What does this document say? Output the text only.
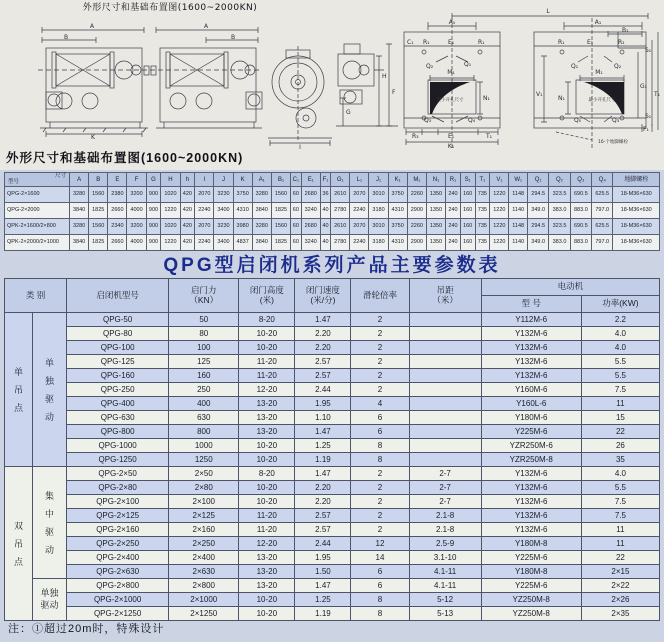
外形尺寸和基础布置图(1600~2000KN)
A
B
K
A
B
H
F
G
I
L
A₀
C₁ R₁	E₁	R₁
Q₂	Q₁
M₁
N₁
Q₃	Q₄
R₃	E₁	T₁
K₁
A₁
B₁
R₁	E₁	R₂
S₁
Q₁	Q₂
M₁
N₁
Q₀	Q₃
G₁
T₁
V₁
F₁
S₁
最小开孔尺寸	最小开孔尺寸
16-个地脚螺栓
外形尺寸和基础布置图(1600~2000KN)
尺寸
型号	A	B	E	F	G	H	h	I	J	K	A₁	B₁	C₁	E₁	F₁	G₁	L₁	J₁	K₁	M₁	N₁	R₁	S₁	T₁	V₁	W₁	Q₁	Q₂	Q₃	Q₄	地脚螺栓
QPG-2×1600	3280	1560	2380	3200	900	1020	420	2070	3230	3750	3280	1560	60	2680	36	2610	2070	3010	3750	2260	1350	240	160	735	1220	1148	294.5	323.5	690.5	625.5	18-M36×630
QPG-2×2000	3840	1825	2660	4000	900	1220	420	2240	3400	4310	3840	1825	60	3240	40	2780	2240	3180	4310	2900	1350	240	160	735	1220	1140	349.0	383.0	883.0	797.0	18-M36×630
QPK-2×1600/2×800	3280	1560	2340	3200	900	1020	420	2070	3230	3980	3280	1560	60	2680	40	2610	2070	3010	3750	2260	1350	240	160	735	1220	1148	294.5	323.5	690.5	625.5	18-M36×630
QPK-2×2000/2×1000	3840	1825	2660	4000	900	1220	420	2240	3400	4837	3840	1825	60	3240	40	2780	2240	3180	4310	2900	1350	240	160	735	1220	1140	349.0	383.0	883.0	797.0	18-M36×630
QPG型启闭机系列产品主要参数表
类 别	启闭机型号	启门力
（KN）

闭门高度
(米)

闭门速度
(米/分)	滑轮倍率	吊距
（米）
	电动机
								型 号	功率(KW)

单吊点	单独驱动	QPG-50	50	8-20	1.47	2		Y112M-6	2.2
		QPG-80	80	10-20	2.20	2		Y132M-6	4.0
		QPG-100	100	10-20	2.20	2		Y132M-6	4.0
		QPG-125	125	11-20	2.57	2		Y132M-6	5.5
		QPG-160	160	11-20	2.57	2		Y132M-6	5.5
		QPG-250	250	12-20	2.44	2		Y160M-6	7.5
		QPG-400	400	13-20	1.95	4		Y160L-6	11
		QPG-630	630	13-20	1.10	6		Y180M-6	15
		QPG-800	800	13-20	1.47	6		Y225M-6	22
		QPG-1000	1000	10-20	1.25	8		YZR250M-6	26
		QPG-1250	1250	10-20	1.19	8		YZR250M-8	35

双吊点	集中驱动	QPG-2×50	2×50	8-20	1.47	2	2-7	Y132M-6	4.0
		QPG-2×80	2×80	10-20	2.20	2	2-7	Y132M-6	5.5
		QPG-2×100	2×100	10-20	2.20	2	2-7	Y132M-6	7.5
		QPG-2×125	2×125	11-20	2.57	2	2.1-8	Y132M-6	7.5
		QPG-2×160	2×160	11-20	2.57	2	2.1-8	Y132M-6	11
		QPG-2×250	2×250	12-20	2.44	12	2.5-9	Y180M-8	11
		QPG-2×400	2×400	13-20	1.95	14	3.1-10	Y225M-6	22
		QPG-2×630	2×630	13-20	1.50	6	4.1-11	Y180M-8	2×15

	单独驱动	QPG-2×800	2×800	13-20	1.47	6	4.1-11	Y225M-6	2×22
		QPG-2×1000	2×1000	10-20	1.25	8	5-12	YZ250M-8	2×26
		QPG-2×1250	2×1250	10-20	1.19	8	5-13	YZ250M-8	2×35
注：①超过20m时，特殊设计
